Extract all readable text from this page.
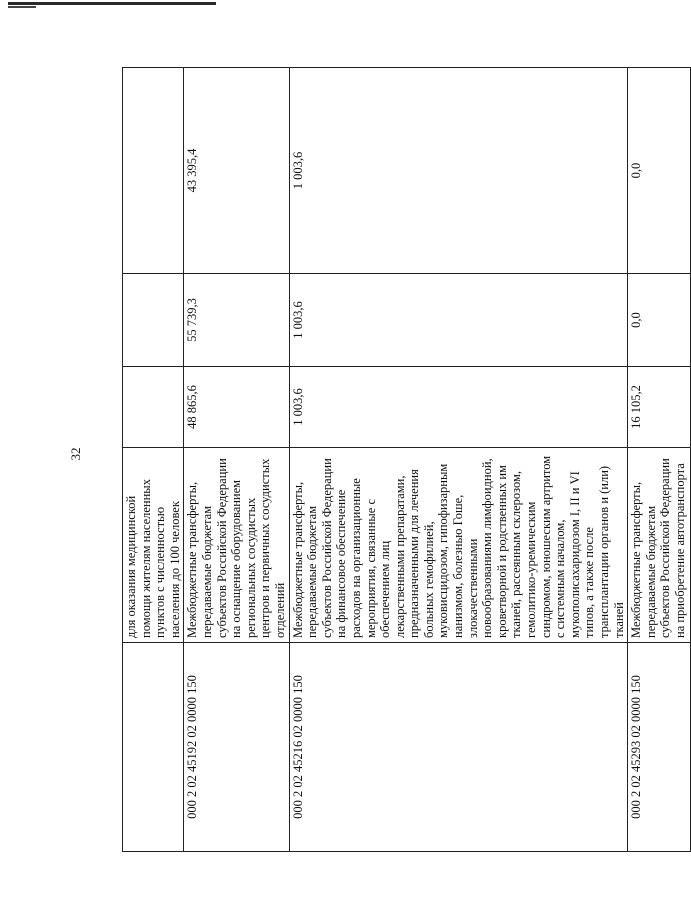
32
	для оказания медицинской помощи жителям населенных пунктов с численностью населения до 100 человек			
000 2 02 45192 02 0000 150	Межбюджетные трансферты, передаваемые бюджетам субъектов Российской Федерации на оснащение оборудованием региональных сосудистых центров и первичных сосудистых отделений	48 865,6	55 739,3	43 395,4
000 2 02 45216 02 0000 150	Межбюджетные трансферты, передаваемые бюджетам субъектов Российской Федерации на финансовое обеспечение расходов на организационные мероприятия, связанные с обеспечением лиц лекарственными препаратами, предназначенными для лечения больных гемофилией, муковисцидозом, гипофизарным нанизмом, болезнью Гоше, злокачественными новообразованиями лимфоидной, кроветворной и родственных им тканей, рассеянным склерозом, гемолитико-уремическим синдромом, юношеским артритом с системным началом, мукополисахаридозом I, II и VI типов, а также после трансплантации органов и (или) тканей	1 003,6	1 003,6	1 003,6
000 2 02 45293 02 0000 150	Межбюджетные трансферты, передаваемые бюджетам субъектов Российской Федерации на приобретение автотранспорта	16 105,2	0,0	0,0
